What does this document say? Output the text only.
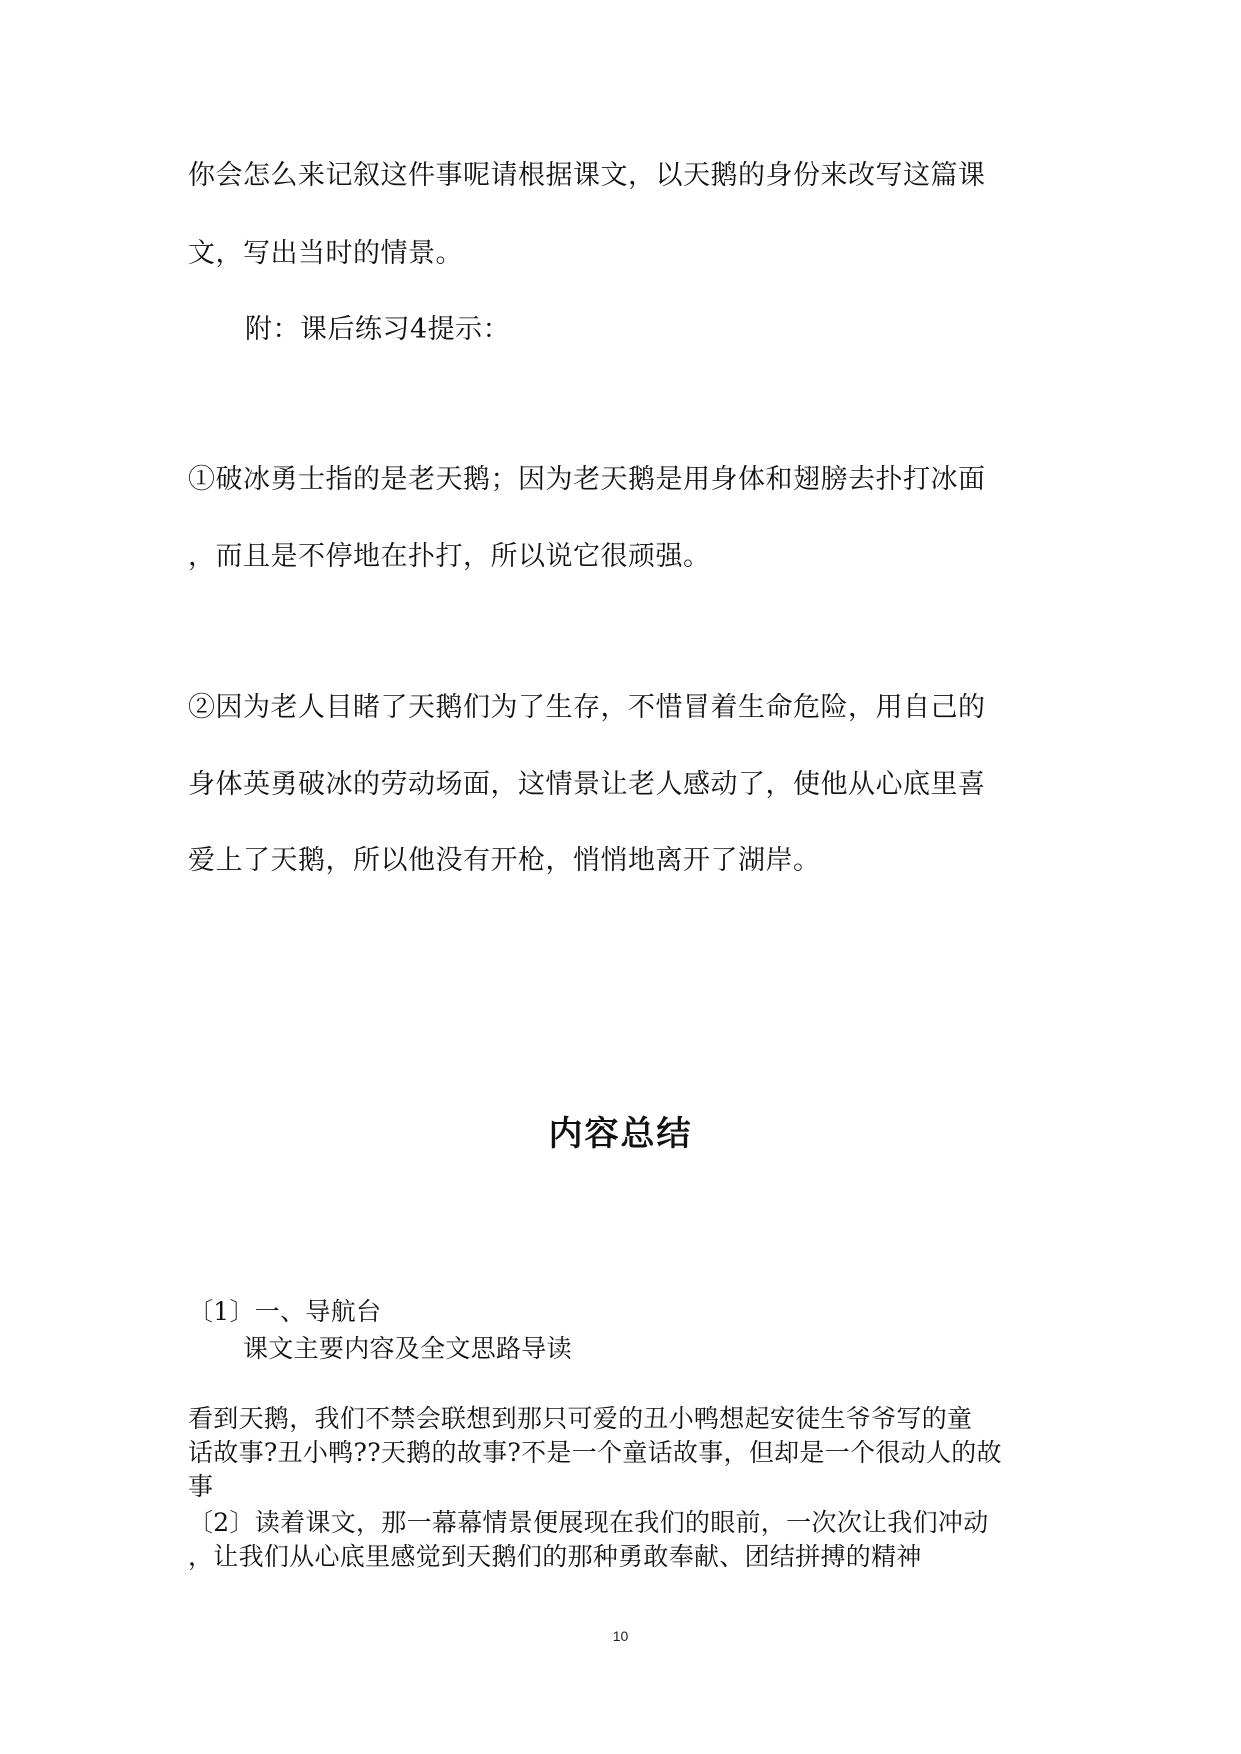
你会怎么来记叙这件事呢请根据课文，以天鹅的身份来改写这篇课
文，写出当时的情景。
附：课后练习4提示：
①破冰勇士指的是老天鹅；因为老天鹅是用身体和翅膀去扑打冰面
，而且是不停地在扑打，所以说它很顽强。
②因为老人目睹了天鹅们为了生存，不惜冒着生命危险，用自己的
身体英勇破冰的劳动场面，这情景让老人感动了，使他从心底里喜
爱上了天鹅，所以他没有开枪，悄悄地离开了湖岸。
内容总结
〔1〕一、导航台
课文主要内容及全文思路导读
看到天鹅，我们不禁会联想到那只可爱的丑小鸭想起安徒生爷爷写的童
话故事?丑小鸭??天鹅的故事?不是一个童话故事，但却是一个很动人的故
事
〔2〕读着课文，那一幕幕情景便展现在我们的眼前，一次次让我们冲动
，让我们从心底里感觉到天鹅们的那种勇敢奉献、团结拼搏的精神
10
